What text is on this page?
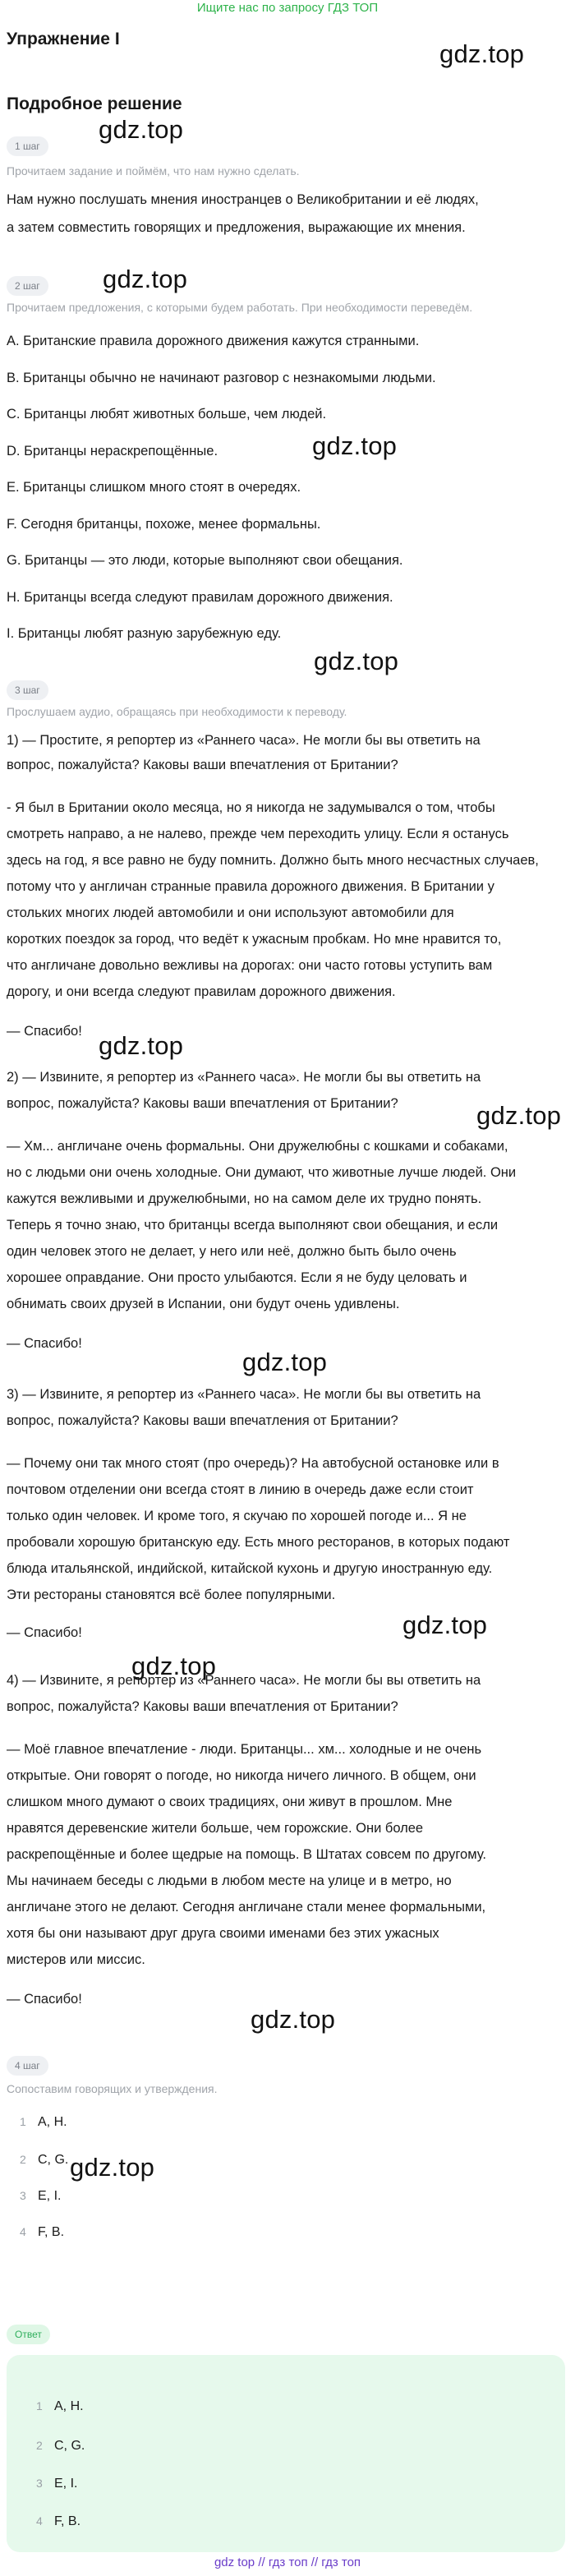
Ищите нас по запросу ГДЗ ТОП
Упражнение I
Подробное решение
gdz.top
gdz.top
gdz.top
gdz.top
gdz.top
gdz.top
gdz.top
gdz.top
gdz.top
gdz.top
gdz.top
gdz.top
1 шаг
Прочитаем задание и поймём, что нам нужно сделать.
Нам нужно послушать мнения иностранцев о Великобритании и её людях,
а затем совместить говорящих и предложения, выражающие их мнения.
2 шаг
Прочитаем предложения, с которыми будем работать. При необходимости переведём.
A. Британские правила дорожного движения кажутся странными.
B. Британцы обычно не начинают разговор с незнакомыми людьми.
C. Британцы любят животных больше, чем людей.
D. Британцы нераскрепощённые.
E. Британцы слишком много стоят в очередях.
F. Сегодня британцы, похоже, менее формальны.
G. Британцы — это люди, которые выполняют свои обещания.
H. Британцы всегда следуют правилам дорожного движения.
I. Британцы любят разную зарубежную еду.
3 шаг
Прослушаем аудио, обращаясь при необходимости к переводу.
1) — Простите, я репортер из «Раннего часа». Не могли бы вы ответить на
вопрос, пожалуйста? Каковы ваши впечатления от Британии?
- Я был в Британии около месяца, но я никогда не задумывался о том, чтобы
смотреть направо, а не налево, прежде чем переходить улицу. Если я останусь
здесь на год, я все равно не буду помнить. Должно быть много несчастных случаев,
потому что у англичан странные правила дорожного движения. В Британии у
стольких многих людей автомобили и они используют автомобили для
коротких поездок за город, что ведёт к ужасным пробкам. Но мне нравится то,
что англичане довольно вежливы на дорогах: они часто готовы уступить вам
дорогу, и они всегда следуют правилам дорожного движения.
— Спасибо!
2) — Извините, я репортер из «Раннего часа». Не могли бы вы ответить на
вопрос, пожалуйста? Каковы ваши впечатления от Британии?
— Хм... англичане очень формальны. Они дружелюбны с кошками и собаками,
но с людьми они очень холодные. Они думают, что животные лучше людей. Они
кажутся вежливыми и дружелюбными, но на самом деле их трудно понять.
Теперь я точно знаю, что британцы всегда выполняют свои обещания, и если
один человек этого не делает, у него или неё, должно быть было очень
хорошее оправдание. Они просто улыбаются. Если я не буду целовать и
обнимать своих друзей в Испании, они будут очень удивлены.
— Спасибо!
3) — Извините, я репортер из «Раннего часа». Не могли бы вы ответить на
вопрос, пожалуйста? Каковы ваши впечатления от Британии?
— Почему они так много стоят (про очередь)? На автобусной остановке или в
почтовом отделении они всегда стоят в линию в очередь даже если стоит
только один человек. И кроме того, я скучаю по хорошей погоде и... Я не
пробовали хорошую британскую еду. Есть много ресторанов, в которых подают
блюда итальянской, индийской, китайской кухонь и другую иностранную еду.
Эти рестораны становятся всё более популярными.
— Спасибо!
4) — Извините, я репортер из «Раннего часа». Не могли бы вы ответить на
вопрос, пожалуйста? Каковы ваши впечатления от Британии?
— Моё главное впечатление - люди. Британцы... хм... холодные и не очень
открытые. Они говорят о погоде, но никогда ничего личного. В общем, они
слишком много думают о своих традициях, они живут в прошлом. Мне
нравятся деревенские жители больше, чем горожские. Они более
раскрепощённые и более щедрые на помощь. В Штатах совсем по другому.
Мы начинаем беседы с людьми в любом месте на улице и в метро, но
англичане этого не делают. Сегодня англичане стали менее формальными,
хотя бы они называют друг друга своими именами без этих ужасных
мистеров или миссис.
— Спасибо!
4 шаг
Сопоставим говорящих и утверждения.
1 A, H.
2 C, G.
3 E, I.
4 F, B.
Ответ
1 A, H.
2 C, G.
3 E, I.
4 F, B.
gdz top // гдз топ // гдз топ
